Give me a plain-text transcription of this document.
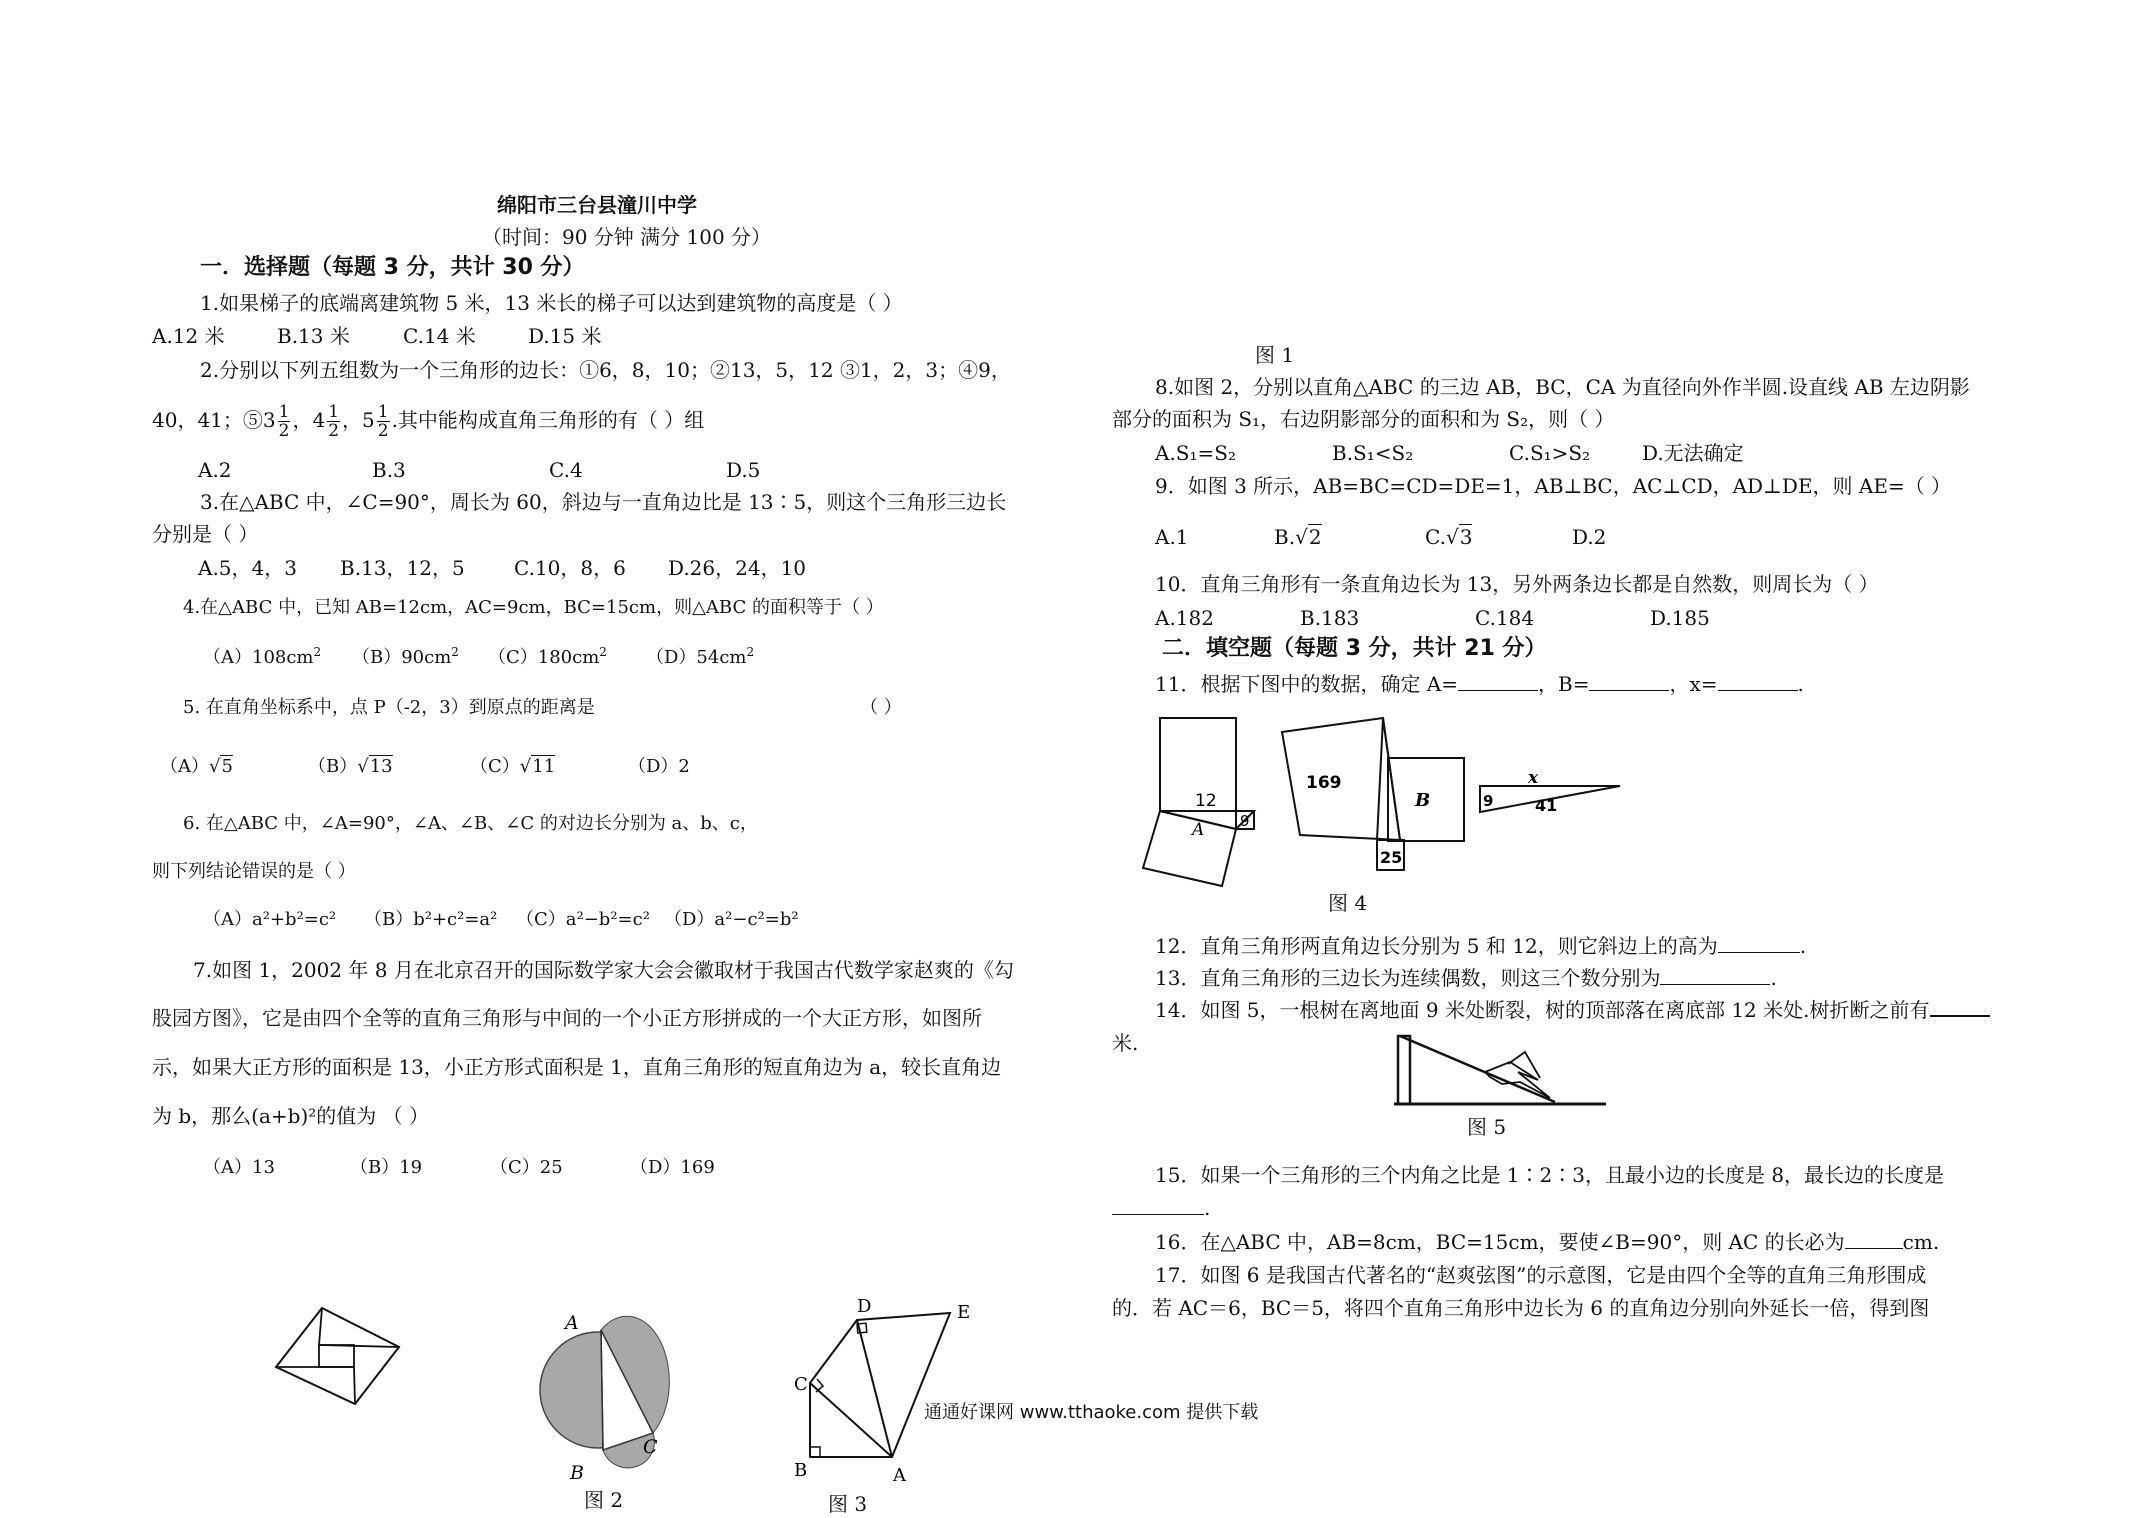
绵阳市三台县潼川中学
（时间：90 分钟 满分 100 分）
一．选择题（每题 3 分，共计 30 分）
1.如果梯子的底端离建筑物 5 米，13 米长的梯子可以达到建筑物的高度是（ ）
A.12 米	B.13 米	C.14 米	D.15 米
2.分别以下列五组数为一个三角形的边长：①6，8，10；②13，5，12 ③1，2，3；④9，
40，41；⑤3 $\frac{1}{2}$ ，$4 \frac{1}{2}$ ，$5 \frac{1}{2}$ .其中能构成直角三角形的有（ ）组
A.2	B.3	C.4	D.5
3.在△ABC 中，∠C=90°，周长为 60，斜边与一直角边比是 13∶5，则这个三角形三边长
分别是（ ）
A.5，4，3 B.13，12，5 C.10，8，6 D.26，24，10
4.在△ABC 中，已知 AB=12cm，AC=9cm，BC=15cm，则△ABC 的面积等于（ ）
$(A)108cm^2$ $(B)90cm^2$ $(C)180cm^2$ $(D)54cm^2$
5. 在直角坐标系中，点 P（-2，3）到原点的距离是	（ ）
（A）√5	（B）√13	（C）√11	（D）2
6. 在△ABC 中，∠A=90°，∠A、∠B、∠C 的对边长分别为 a、b、c，
则下列结论错误的是（ ）
（A）a²+b²=c² （B）b²+c²=a² （C）a²−b²=c² （D）a²−c²=b²
7.如图 1，2002 年 8 月在北京召开的国际数学家大会会徽取材于我国古代数学家赵爽的《勾
股园方图》，它是由四个全等的直角三角形与中间的一个小正方形拼成的一个大正方形，如图所
示，如果大正方形的面积是 13，小正方形式面积是 1，直角三角形的短直角边为 a，较长直角边
为 b，那么(a+b)²的值为 （ ）
（A）13	（B）19	（C）25	（D）169
A
B
C
图 2
D	E
C
B	A
图 3
通通好课网 www.tthaoke.com 提供下载
图 1
8.如图 2，分别以直角△ABC 的三边 AB，BC，CA 为直径向外作半圆.设直线 AB 左边阴影
部分的面积为 S₁，右边阴影部分的面积和为 S₂，则（ ）
A.S₁=S₂	B.S₁<S₂	C.S₁>S₂	D.无法确定
9．如图 3 所示，AB=BC=CD=DE=1，AB⊥BC，AC⊥CD，AD⊥DE，则 AE=（ ）
A.1	B.√2	C.√3	D.2
10．直角三角形有一条直角边长为 13，另外两条边长都是自然数，则周长为（ ）
A.182	B.183	C.184	D.185
二．填空题（每题 3 分，共计 21 分）
11．根据下图中的数据，确定 A=	，B=	，x=	.
12
9
A
169
25
B
x
9	41
图 4
12．直角三角形两直角边长分别为 5 和 12，则它斜边上的高为	.
13．直角三角形的三边长为连续偶数，则这三个数分别为	.
14．如图 5，一根树在离地面 9 米处断裂，树的顶部落在离底部 12 米处.树折断之前有
米.
图 5
15．如果一个三角形的三个内角之比是 1∶2∶3，且最小边的长度是 8，最长边的长度是
.
16．在△ABC 中，AB=8cm，BC=15cm，要使∠B=90°，则 AC 的长必为	cm.
17．如图 6 是我国古代著名的“赵爽弦图”的示意图，它是由四个全等的直角三角形围成
的．若 AC＝6，BC＝5，将四个直角三角形中边长为 6 的直角边分别向外延长一倍，得到图
